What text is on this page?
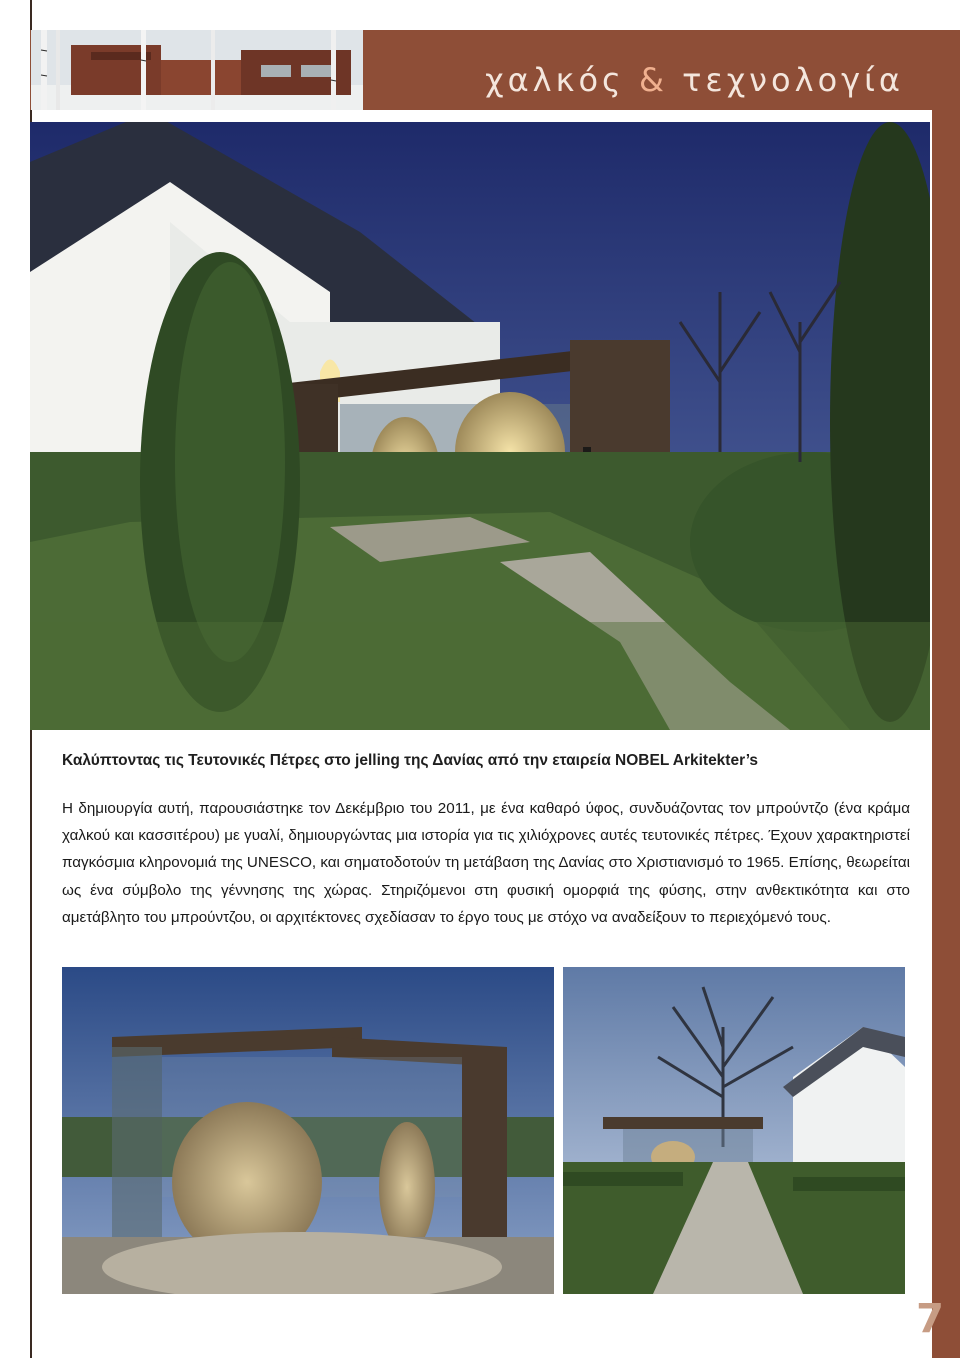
χαλκός & τεχνολογία
Καλύπτοντας τις Τευτονικές Πέτρες στο jelling της Δανίας από την εταιρεία NOBEL Arkitekter’s

Η δημιουργία αυτή, παρουσιάστηκε τον Δεκέμβριο του 2011, με ένα καθαρό ύφος, συνδυάζοντας τον μπρούντζο (ένα κράμα χαλκού και κασσιτέρου) με γυαλί, δημιουργώντας μια ιστορία για τις χιλιόχρονες αυτές τευτονικές πέτρες. Έχουν χαρακτηριστεί παγκόσμια κληρονομιά της UNESCO, και σηματοδοτούν τη μετάβαση της Δανίας στο Χριστιανισμό το 1965. Επίσης, θεωρείται ως ένα σύμβολο της γέννησης της χώρας. Στηριζόμενοι στη φυσική ομορφιά της φύσης, στην ανθεκτικότητα και στο αμετάβλητο του μπρούντζου, οι αρχιτέκτονες σχεδίασαν το έργο τους με στόχο να αναδείξουν το περιεχόμενό τους.

7
